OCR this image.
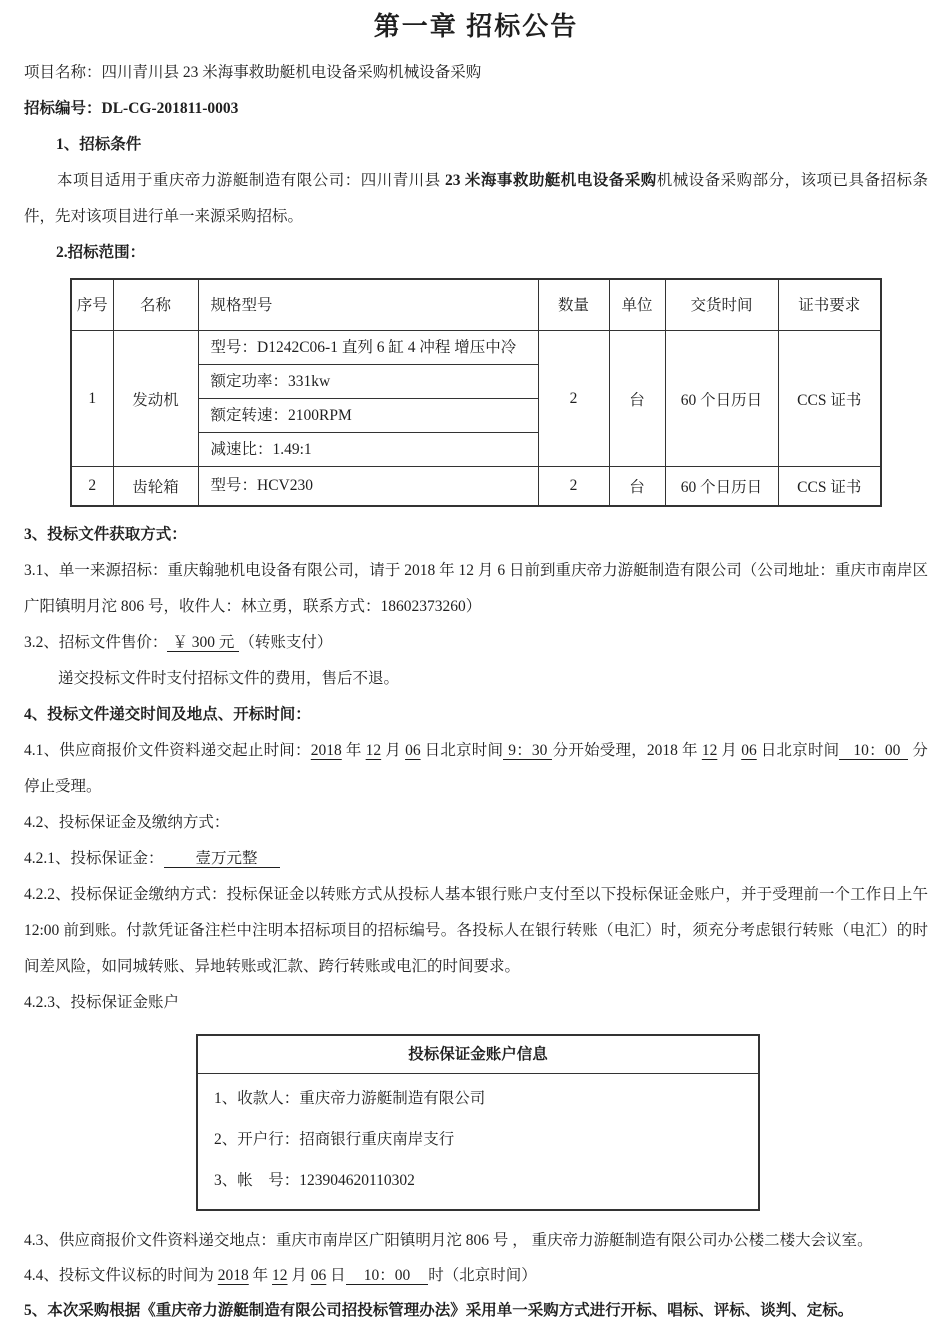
第一章 招标公告

项目名称：四川青川县 23 米海事救助艇机电设备采购机械设备采购

招标编号：DL-CG-201811-0003

1、招标条件

本项目适用于重庆帝力游艇制造有限公司：四川青川县 23 米海事救助艇机电设备采购机械设备采购部分，该项已具备招标条件，先对该项目进行单一来源采购招标。

2.招标范围：

序号	名称	规格型号	数量	单位	交货时间	证书要求
1	发动机	型号：D1242C06-1 直列 6 缸 4 冲程 增压中冷	2	台	60 个日历日	CCS 证书
		额定功率：331kw				
		额定转速：2100RPM				
		减速比：1.49:1				
2	齿轮箱	型号：HCV230	2	台	60 个日历日	CCS 证书

3、投标文件获取方式：

3.1、单一来源招标：重庆翰驰机电设备有限公司，请于 2018 年 12 月 6 日前到重庆帝力游艇制造有限公司（公司地址：重庆市南岸区广阳镇明月沱 806 号，收件人：林立勇，联系方式：18602373260）

3.2、招标文件售价： ￥ 300 元 （转账支付）

递交投标文件时支付招标文件的费用，售后不退。

4、投标文件递交时间及地点、开标时间：

4.1、供应商报价文件资料递交起止时间：2018 年 12 月 06 日北京时间 9：30 分开始受理，2018 年 12 月 06 日北京时间 10：00 分停止受理。

4.2、投标保证金及缴纳方式：

4.2.1、投标保证金： 壹万元整

4.2.2、投标保证金缴纳方式：投标保证金以转账方式从投标人基本银行账户支付至以下投标保证金账户，并于受理前一个工作日上午 12:00 前到账。付款凭证备注栏中注明本招标项目的招标编号。各投标人在银行转账（电汇）时，须充分考虑银行转账（电汇）的时间差风险，如同城转账、异地转账或汇款、跨行转账或电汇的时间要求。

4.2.3、投标保证金账户

投标保证金账户信息

1、收款人：重庆帝力游艇制造有限公司

2、开户行：招商银行重庆南岸支行

3、帐　号：123904620110302

4.3、供应商报价文件资料递交地点：重庆市南岸区广阳镇明月沱 806 号 ， 重庆帝力游艇制造有限公司办公楼二楼大会议室。

4.4、投标文件议标的时间为 2018 年 12 月 06 日 10：00 时（北京时间）

5、本次采购根据《重庆帝力游艇制造有限公司招投标管理办法》采用单一采购方式进行开标、唱标、评标、谈判、定标。
